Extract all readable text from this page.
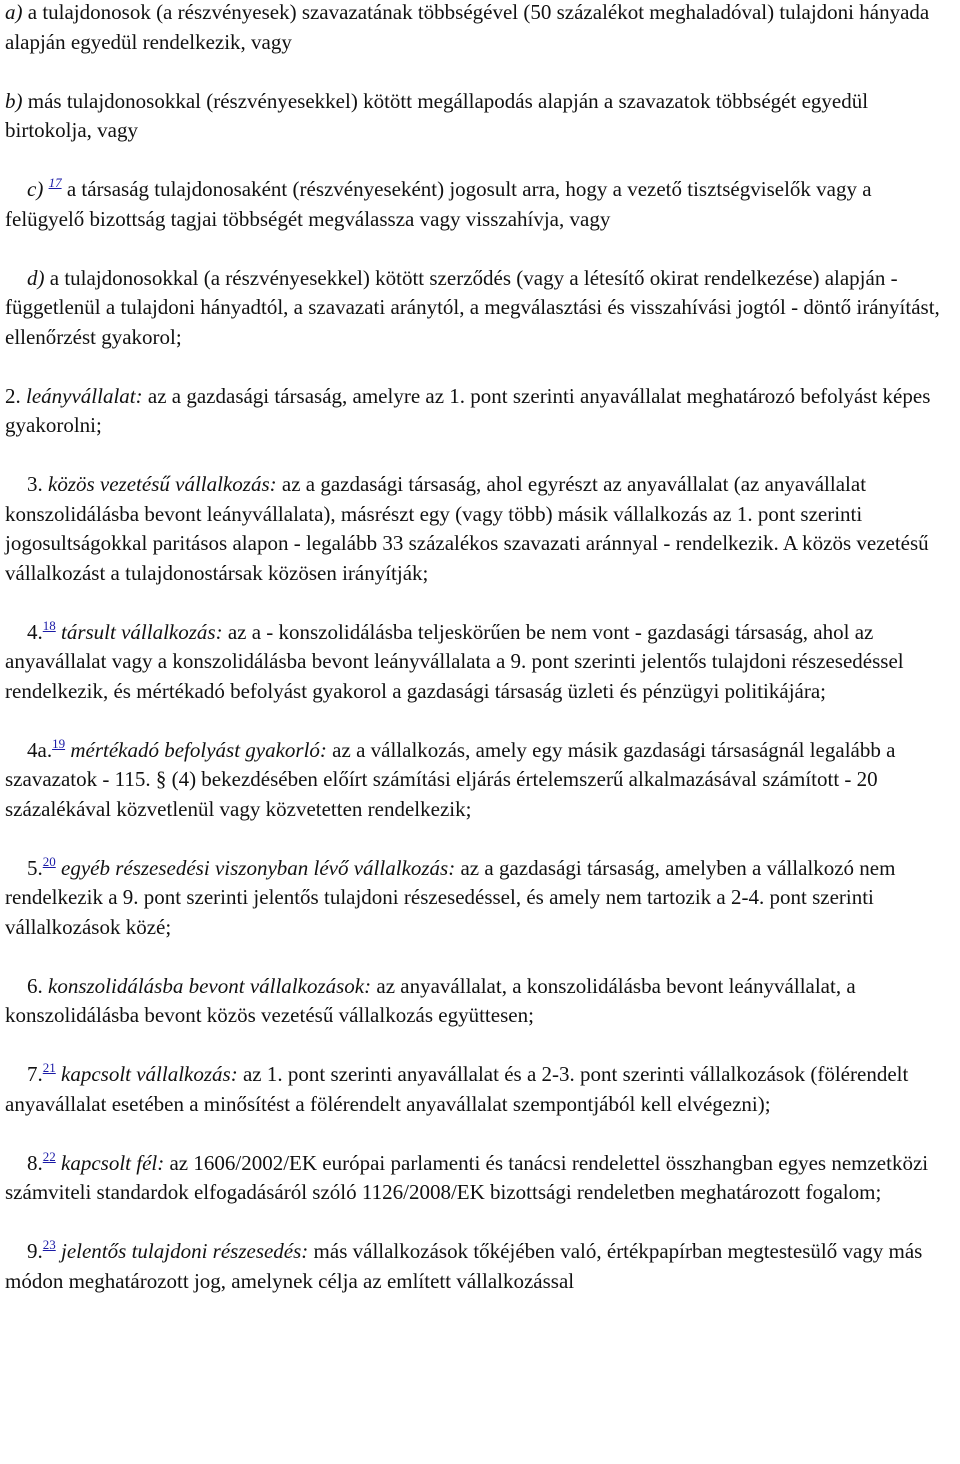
a) a tulajdonosok (a részvényesek) szavazatának többségével (50 százalékot meghaladóval) tulajdoni hányada alapján egyedül rendelkezik, vagy

b) más tulajdonosokkal (részvényesekkel) kötött megállapodás alapján a szavazatok többségét egyedül birtokolja, vagy

c) $^{17}$ a társaság tulajdonosaként (részvényeseként) jogosult arra, hogy a vezető tisztségviselők vagy a felügyelő bizottság tagjai többségét megválassza vagy visszahívja, vagy

d) a tulajdonosokkal (a részvényesekkel) kötött szerződés (vagy a létesítő okirat rendelkezése) alapján - függetlenül a tulajdoni hányadtól, a szavazati aránytól, a megválasztási és visszahívási jogtól - döntő irányítást, ellenőrzést gyakorol;

2. leányvállalat: az a gazdasági társaság, amelyre az 1. pont szerinti anyavállalat meghatározó befolyást képes gyakorolni;

3. közös vezetésű vállalkozás: az a gazdasági társaság, ahol egyrészt az anyavállalat (az anyavállalat konszolidálásba bevont leányvállalata), másrészt egy (vagy több) másik vállalkozás az 1. pont szerinti jogosultságokkal paritásos alapon - legalább 33 százalékos szavazati aránnyal - rendelkezik. A közös vezetésű vállalkozást a tulajdonostársak közösen irányítják;

4.18 társult vállalkozás: az a - konszolidálásba teljeskörűen be nem vont - gazdasági társaság, ahol az anyavállalat vagy a konszolidálásba bevont leányvállalata a 9. pont szerinti jelentős tulajdoni részesedéssel rendelkezik, és mértékadó befolyást gyakorol a gazdasági társaság üzleti és pénzügyi politikájára;

4a.$^{19}$ mértékadó befolyást gyakorló: az a vállalkozás, amely egy másik gazdasági társaságnál legalább a szavazatok - 115. § (4) bekezdésében előírt számítási eljárás értelemszerű alkalmazásával számított - 20 százalékával közvetlenül vagy közvetetten rendelkezik;

5.20 egyéb részesedési viszonyban lévő vállalkozás: az a gazdasági társaság, amelyben a vállalkozó nem rendelkezik a 9. pont szerinti jelentős tulajdoni részesedéssel, és amely nem tartozik a 2-4. pont szerinti vállalkozások közé;

6. konszolidálásba bevont vállalkozások: az anyavállalat, a konszolidálásba bevont leányvállalat, a konszolidálásba bevont közös vezetésű vállalkozás együttesen;

7.21 kapcsolt vállalkozás: az 1. pont szerinti anyavállalat és a 2-3. pont szerinti vállalkozások (fölérendelt anyavállalat esetében a minősítést a fölérendelt anyavállalat szempontjából kell elvégezni);

8.22 kapcsolt fél: az 1606/2002/EK európai parlamenti és tanácsi rendelettel összhangban egyes nemzetközi számviteli standardok elfogadásáról szóló 1126/2008/EK bizottsági rendeletben meghatározott fogalom;

9.23 jelentős tulajdoni részesedés: más vállalkozások tőkéjében való, értékpapírban megtestesülő vagy más módon meghatározott jog, amelynek célja az említett vállalkozással
